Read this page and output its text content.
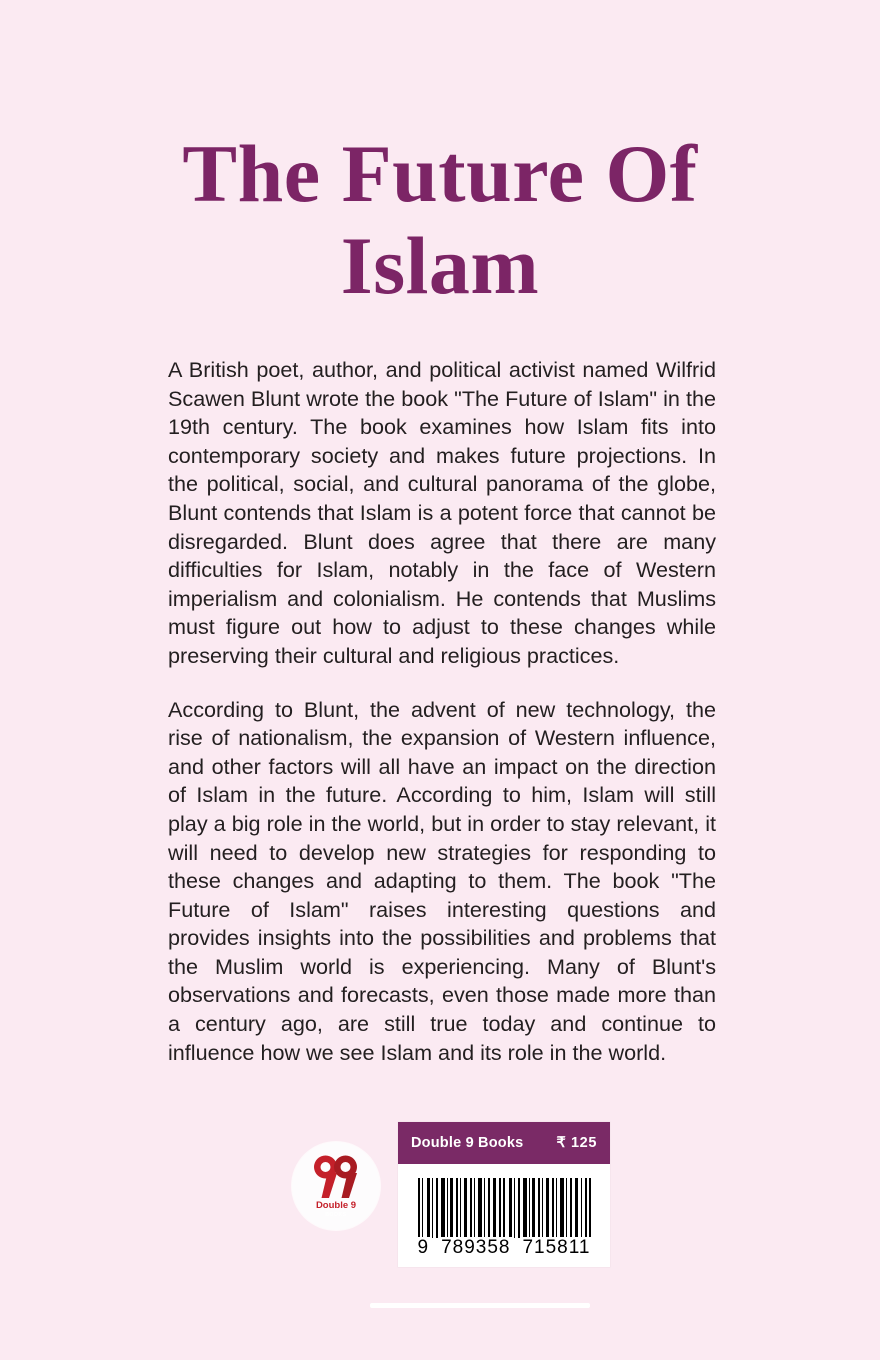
The Future Of
Islam

A British poet, author, and political activist named Wilfrid Scawen Blunt wrote the book "The Future of Islam" in the 19th century. The book examines how Islam fits into contemporary society and makes future projections. In the political, social, and cultural panorama of the globe, Blunt contends that Islam is a potent force that cannot be disregarded. Blunt does agree that there are many difficulties for Islam, notably in the face of Western imperialism and colonialism. He contends that Muslims must figure out how to adjust to these changes while preserving their cultural and religious practices.

According to Blunt, the advent of new technology, the rise of nationalism, the expansion of Western influence, and other factors will all have an impact on the direction of Islam in the future. According to him, Islam will still play a big role in the world, but in order to stay relevant, it will need to develop new strategies for responding to these changes and adapting to them. The book "The Future of Islam" raises interesting questions and provides insights into the possibilities and problems that the Muslim world is experiencing. Many of Blunt's observations and forecasts, even those made more than a century ago, are still true today and continue to influence how we see Islam and its role in the world.

Double 9
BOOKS
Double 9 Books ₹ 125
9 789358 715811
